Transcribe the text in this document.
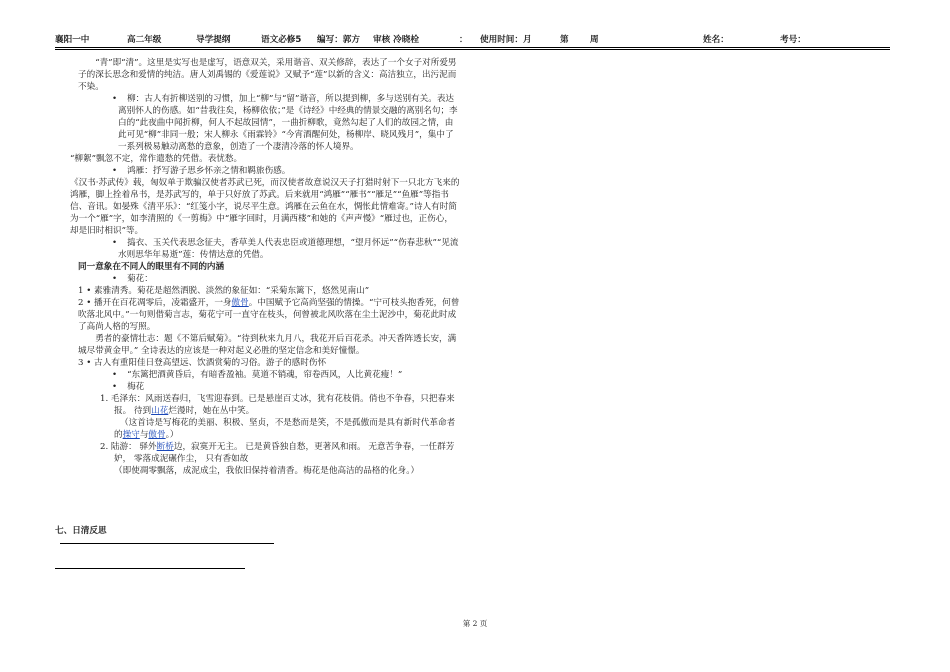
襄阳一中	高二年级	导学提纲	语文必修5 编写：郭方 审核 冷晓栓	： 使用时间：月	第 周	姓名：	考号：

“青”即“清”。这里是实写也是虚写，语意双关，采用谐音、双关修辞，表达了一个女子对所爱男子的深长思念和爱情的纯洁。唐人刘禹锡的《爱莲说》又赋予“莲”以新的含义：高洁独立，出污泥而不染。

• 柳：古人有折柳送别的习惯，加上“柳”与“留”谐音，所以提到柳，多与送别有关。表达离别怀人的伤感。如“昔我往矣，杨柳依依；”是《诗经》中经典的情景交融的离别名句；李白的“此夜曲中闻折柳，何人不起故园情”，一曲折柳歌，竟然勾起了人们的故园之情，由此可见“柳”非同一般；宋人柳永《雨霖铃》“今宵酒醒何处，杨柳岸、晓风残月”，集中了一系列极易触动离愁的意象，创造了一个凄清冷落的怀人境界。

“柳絮”飘忽不定，常作遣愁的凭借。表忧愁。

• 鸿雁：抒写游子思乡怀亲之情和羁旅伤感。

《汉书·苏武传》载，匈奴单于欺骗汉使者苏武已死，而汉使者故意说汉天子打猎时射下一只北方飞来的鸿雁，脚上拴着帛书，是苏武写的，单于只好放了苏武。后来就用“鸿雁”“雁书”“雁足”“鱼雁”等指书信、音讯。如晏殊《清平乐》：“红笺小字，说尽平生意。鸿雁在云鱼在水，惆怅此情难寄。”诗人有时简为一个“雁”字，如李清照的《一剪梅》中“雁字回时，月满西楼”和她的《声声慢》“雁过也，正伤心，却是旧时相识”等。

• 捣衣、玉关代表思念征夫，香草美人代表忠臣或道德理想，“望月怀远”“伤春悲秋”“见流水则思华年易逝”莲：传情达意的凭借。

同一意象在不同人的眼里有不同的内涵

• 菊花：

1 • 素雅清秀。菊花是超然洒脱、淡然的象征如：“采菊东篱下，悠然见南山”

2 • 播开在百花凋零后，凌霜盛开，一身傲骨。中国赋予它高尚坚强的情操。“宁可枝头抱香死，何曾吹落北风中。”一句则借菊言志，菊花宁可一直守在枝头，何曾被北风吹落在尘土泥沙中，菊花此时成了高尚人格的写照。

勇者的豪情壮志：题《不第后赋菊》。“待到秋来九月八，我花开后百花杀。冲天香阵透长安，满城尽带黄金甲。” 全诗表达的应该是一种对起义必胜的坚定信念和美好憧憬。

3 • 古人有重阳佳日登高望远、饮酒赏菊的习俗。游子的感时伤怀

• “东篱把酒黄昏后，有暗香盈袖。莫道不销魂，帘卷西风，人比黄花瘦！”

• 梅花

1. 毛泽东：风雨送春归，飞雪迎春到。已是悬崖百丈冰，犹有花枝俏。俏也不争春，只把春来报。 待到山花烂漫时，她在丛中笑。

（这首诗是写梅花的美丽、积极、坚贞，不是愁而是笑，不是孤傲而是具有新时代革命者的操守与傲骨。）

2. 陆游： 驿外断桥边，寂寞开无主。 已是黄昏独自愁，更著风和雨。 无意苦争春，一任群芳妒， 零落成泥碾作尘， 只有香如故

（即使凋零飘落，成泥成尘，我依旧保持着清香。梅花是他高洁的品格的化身。）

七、日清反思
第 2 页
